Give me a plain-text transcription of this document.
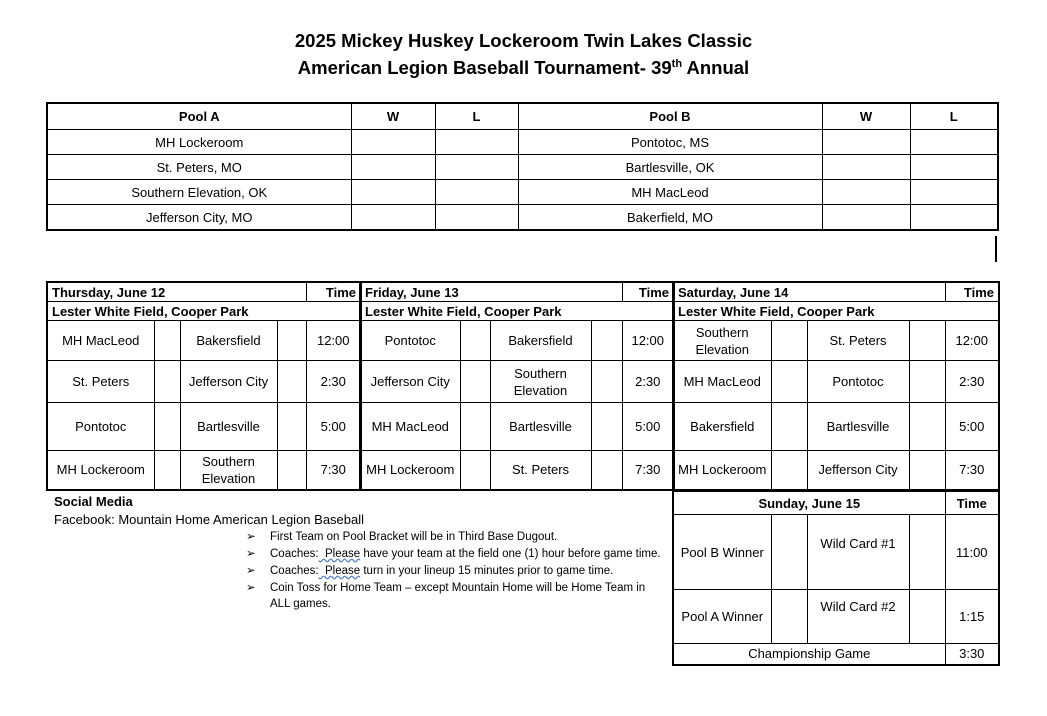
2025 Mickey Huskey Lockeroom Twin Lakes Classic
American Legion Baseball Tournament- 39th Annual
Pool A	W	L	Pool B	W	L
MH Lockeroom			Pontotoc, MS		
St. Peters, MO			Bartlesville, OK		
Southern Elevation, OK			MH MacLeod		
Jefferson City, MO			Bakerfield, MO		
Thursday, June 12				Time
Lester White Field, Cooper Park				
MH MacLeod		Bakersfield		12:00
St. Peters		Jefferson City		2:30
Pontotoc		Bartlesville		5:00
MH Lockeroom		Southern Elevation		7:30
Friday, June 13				Time
Lester White Field, Cooper Park				
Pontotoc		Bakersfield		12:00
Jefferson City		Southern Elevation		2:30
MH MacLeod		Bartlesville		5:00
MH Lockeroom		St. Peters		7:30
Saturday, June 14				Time
Lester White Field, Cooper Park				
Southern Elevation		St. Peters		12:00
MH MacLeod		Pontotoc		2:30
Bakersfield		Bartlesville		5:00
MH Lockeroom		Jefferson City		7:30
Sunday, June 15				Time
Pool B Winner		Wild Card #1		11:00
Pool A Winner		Wild Card #2		1:15
Championship Game				3:30
Social Media
Facebook: Mountain Home American Legion Baseball
➢ First Team on Pool Bracket will be in Third Base Dugout.
➢ Coaches:  Please have your team at the field one (1) hour before game time.
➢ Coaches:  Please turn in your lineup 15 minutes prior to game time.
➢ Coin Toss for Home Team – except Mountain Home will be Home Team in ALL games.
